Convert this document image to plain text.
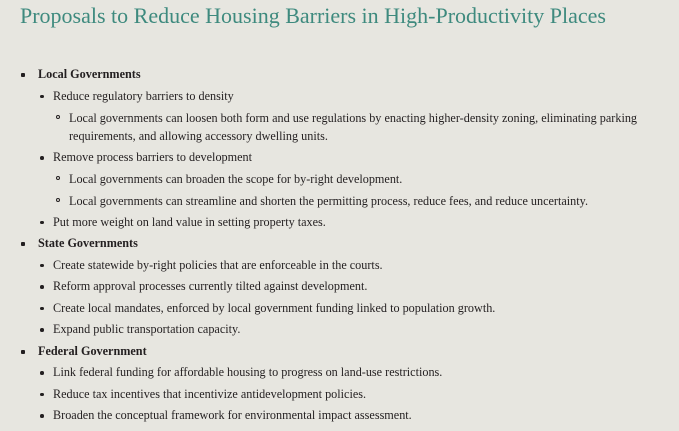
Proposals to Reduce Housing Barriers in High-Productivity Places
Local Governments
Reduce regulatory barriers to density
Local governments can loosen both form and use regulations by enacting higher-density zoning, eliminating parking requirements, and allowing accessory dwelling units.
Remove process barriers to development
Local governments can broaden the scope for by-right development.
Local governments can streamline and shorten the permitting process, reduce fees, and reduce uncertainty.
Put more weight on land value in setting property taxes.
State Governments
Create statewide by-right policies that are enforceable in the courts.
Reform approval processes currently tilted against development.
Create local mandates, enforced by local government funding linked to population growth.
Expand public transportation capacity.
Federal Government
Link federal funding for affordable housing to progress on land-use restrictions.
Reduce tax incentives that incentivize antidevelopment policies.
Broaden the conceptual framework for environmental impact assessment.
